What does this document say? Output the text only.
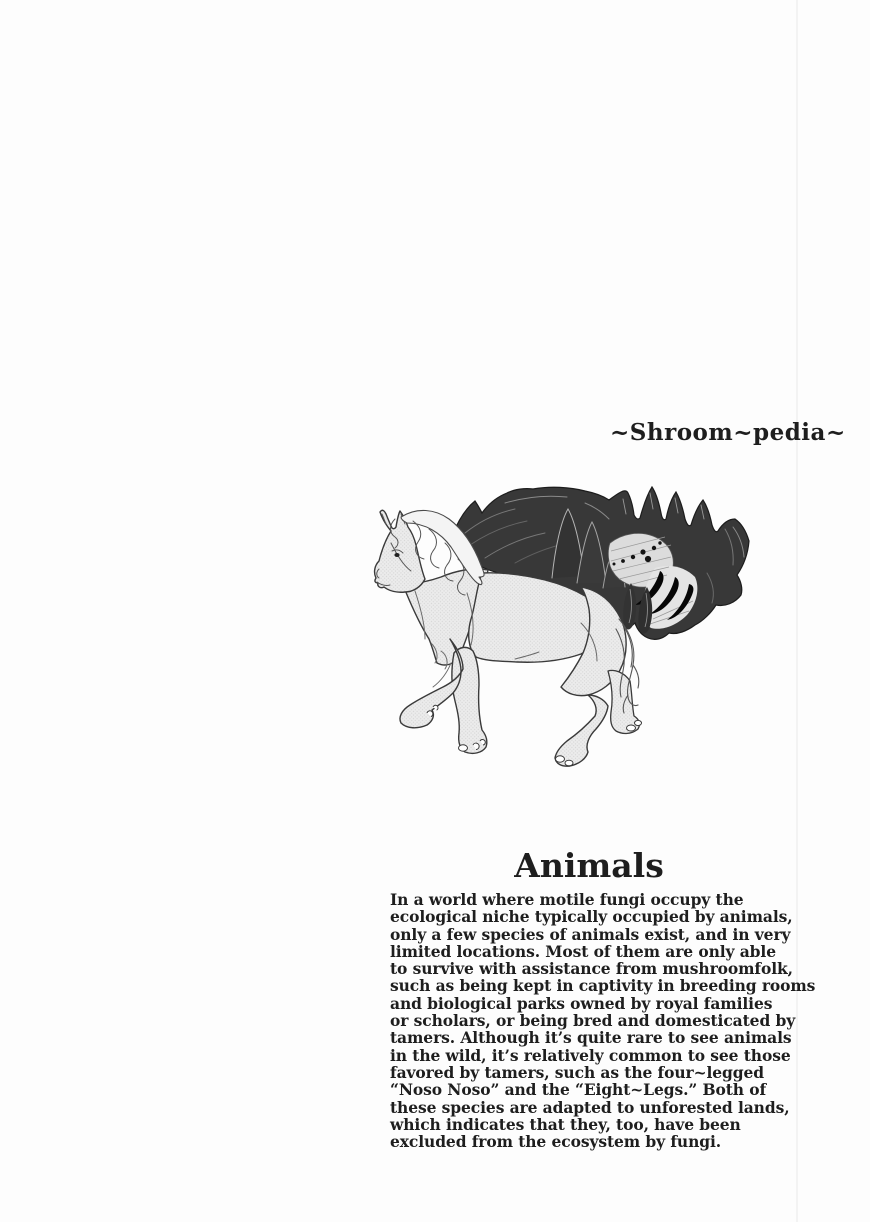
~Shroom~pedia~
Animals
In a world where motile fungi occupy the
ecological niche typically occupied by animals,
only a few species of animals exist, and in very
limited locations. Most of them are only able
to survive with assistance from mushroomfolk,
such as being kept in captivity in breeding rooms
and biological parks owned by royal families
or scholars, or being bred and domesticated by
tamers. Although it’s quite rare to see animals
in the wild, it’s relatively common to see those
favored by tamers, such as the four~legged
“Noso Noso” and the “Eight~Legs.” Both of
these species are adapted to unforested lands,
which indicates that they, too, have been
excluded from the ecosystem by fungi.
